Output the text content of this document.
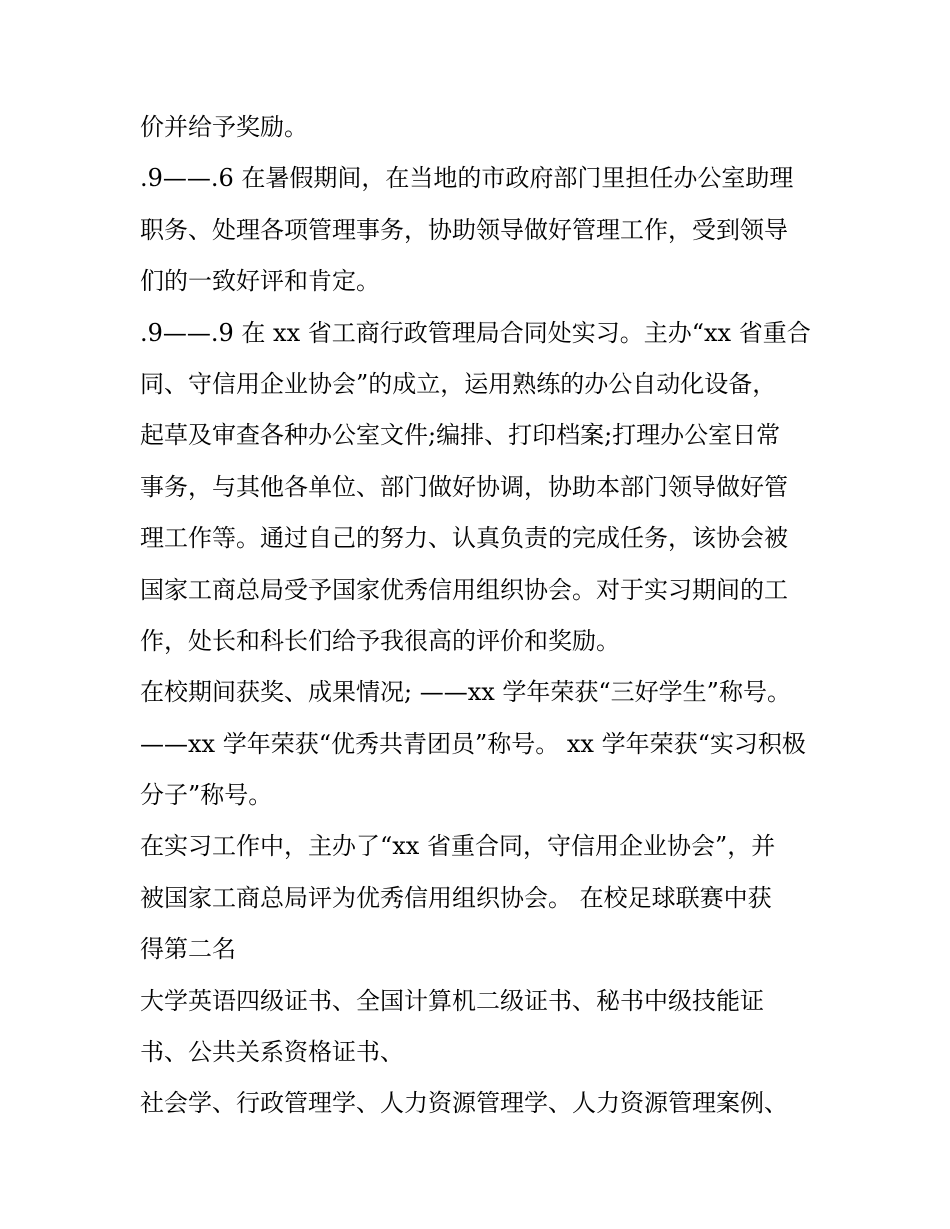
价并给予奖励。
.9——.6 在暑假期间，在当地的市政府部门里担任办公室助理
职务、处理各项管理事务，协助领导做好管理工作，受到领导
们的一致好评和肯定。
.9——.9 在 xx 省工商行政管理局合同处实习。主办“xx 省重合
同、守信用企业协会”的成立，运用熟练的办公自动化设备，
起草及审查各种办公室文件;编排、打印档案;打理办公室日常
事务，与其他各单位、部门做好协调，协助本部门领导做好管
理工作等。通过自己的努力、认真负责的完成任务，该协会被
国家工商总局受予国家优秀信用组织协会。对于实习期间的工
作，处长和科长们给予我很高的评价和奖励。
在校期间获奖、成果情况; ——xx 学年荣获“三好学生”称号。
——xx 学年荣获“优秀共青团员”称号。 xx 学年荣获“实习积极
分子”称号。
在实习工作中，主办了“xx 省重合同，守信用企业协会”，并
被国家工商总局评为优秀信用组织协会。 在校足球联赛中获
得第二名
大学英语四级证书、全国计算机二级证书、秘书中级技能证
书、公共关系资格证书、
社会学、行政管理学、人力资源管理学、人力资源管理案例、
